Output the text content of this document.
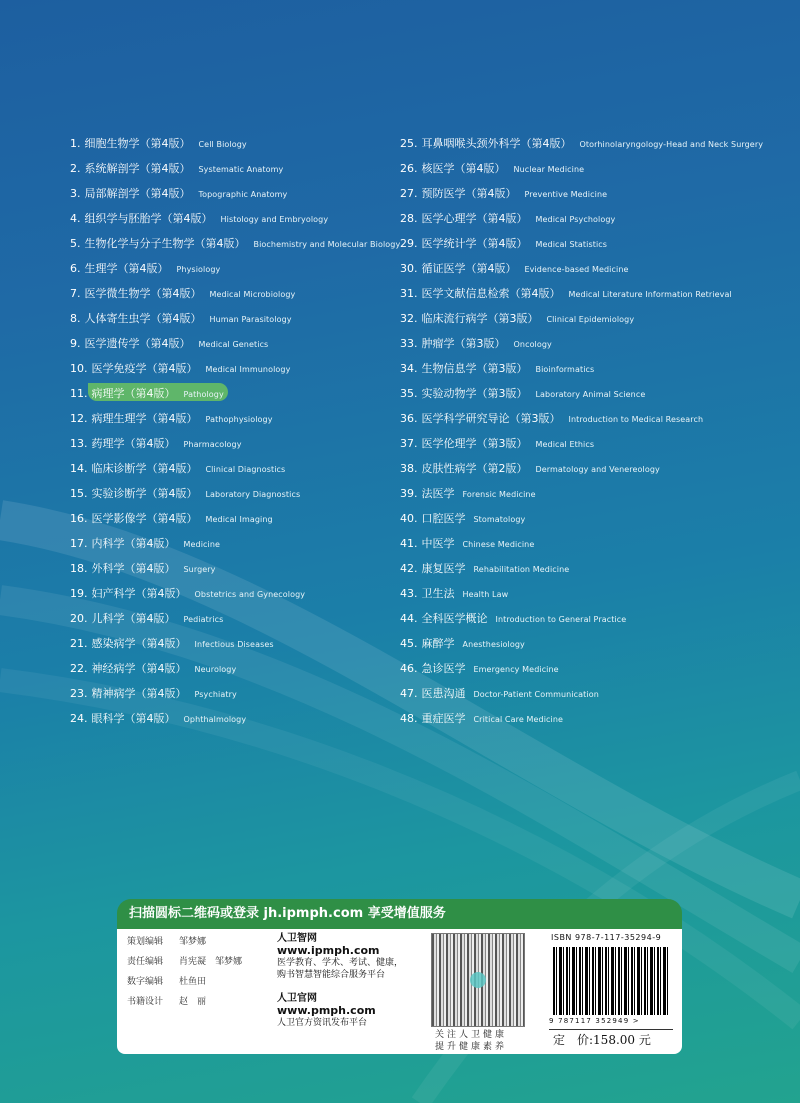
1. 细胞生物学（第4版） Cell Biology
2. 系统解剖学（第4版） Systematic Anatomy
3. 局部解剖学（第4版） Topographic Anatomy
4. 组织学与胚胎学（第4版） Histology and Embryology
5. 生物化学与分子生物学（第4版） Biochemistry and Molecular Biology
6. 生理学（第4版） Physiology
7. 医学微生物学（第4版） Medical Microbiology
8. 人体寄生虫学（第4版） Human Parasitology
9. 医学遗传学（第4版） Medical Genetics
10. 医学免疫学（第4版） Medical Immunology
11. 病理学（第4版） Pathology
12. 病理生理学（第4版） Pathophysiology
13. 药理学（第4版） Pharmacology
14. 临床诊断学（第4版） Clinical Diagnostics
15. 实验诊断学（第4版） Laboratory Diagnostics
16. 医学影像学（第4版） Medical Imaging
17. 内科学（第4版） Medicine
18. 外科学（第4版） Surgery
19. 妇产科学（第4版） Obstetrics and Gynecology
20. 儿科学（第4版） Pediatrics
21. 感染病学（第4版） Infectious Diseases
22. 神经病学（第4版） Neurology
23. 精神病学（第4版） Psychiatry
24. 眼科学（第4版） Ophthalmology
25. 耳鼻咽喉头颈外科学（第4版） Otorhinolaryngology-Head and Neck Surgery
26. 核医学（第4版） Nuclear Medicine
27. 预防医学（第4版） Preventive Medicine
28. 医学心理学（第4版） Medical Psychology
29. 医学统计学（第4版） Medical Statistics
30. 循证医学（第4版） Evidence-based Medicine
31. 医学文献信息检索（第4版） Medical Literature Information Retrieval
32. 临床流行病学（第3版） Clinical Epidemiology
33. 肿瘤学（第3版） Oncology
34. 生物信息学（第3版） Bioinformatics
35. 实验动物学（第3版） Laboratory Animal Science
36. 医学科学研究导论（第3版） Introduction to Medical Research
37. 医学伦理学（第3版） Medical Ethics
38. 皮肤性病学（第2版） Dermatology and Venereology
39. 法医学 Forensic Medicine
40. 口腔医学 Stomatology
41. 中医学 Chinese Medicine
42. 康复医学 Rehabilitation Medicine
43. 卫生法 Health Law
44. 全科医学概论 Introduction to General Practice
45. 麻醉学 Anesthesiology
46. 急诊医学 Emergency Medicine
47. 医患沟通 Doctor-Patient Communication
48. 重症医学 Critical Care Medicine
扫描圆标二维码或登录 jh.ipmph.com 享受增值服务
策划编辑 邹梦娜
责任编辑 肖宪凝　邹梦娜
数字编辑 杜鱼田
书籍设计 赵　丽
人卫智网
www.ipmph.com
医学教育、学术、考试、健康，
购书智慧智能综合服务平台
人卫官网
www.pmph.com
人卫官方资讯发布平台
关注人卫健康
提升健康素养
ISBN 978-7-117-35294-9
9 787117 352949 >
定　价:158.00 元
